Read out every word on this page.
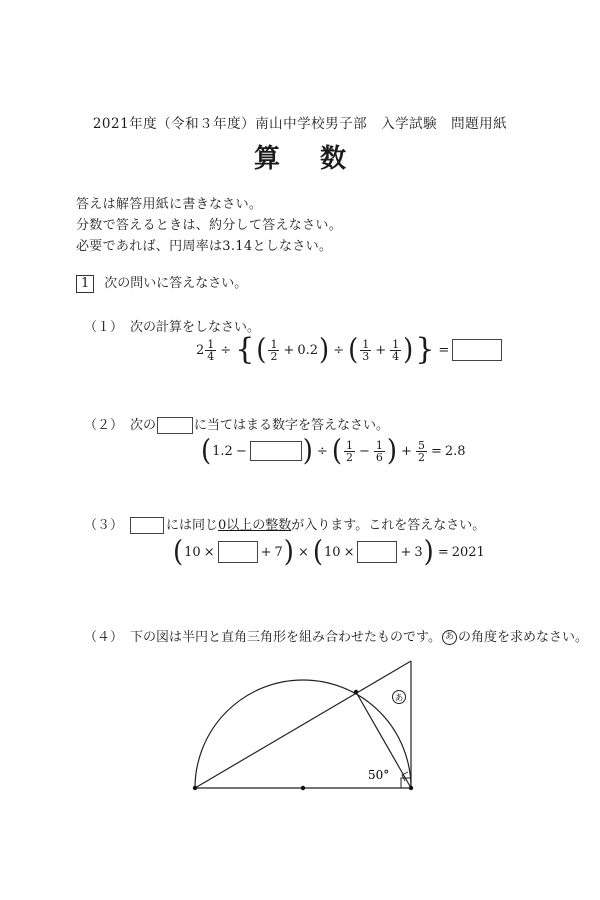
2021年度（令和３年度）南山中学校男子部　入学試験　問題用紙
算数
答えは解答用紙に書きなさい。
分数で答えるときは、約分して答えなさい。
必要であれば、円周率は3.14としなさい。
1 次の問いに答えなさい。
（１） 次の計算をしなさい。
$2 \frac{1}{4}$ ÷ { ( $\frac{1}{2} + 0.2$ ) ÷ ( $\frac{1}{3} + \frac{1}{4}$ ) } =
（２） 次の	に当てはまる数字を答えなさい。
( 1.2 − ) ÷ ( $\frac{1}{2} - \frac{1}{6}$ ) + $\frac{5}{2} = 2.8$
（３）	には同じ0以上の整数が入ります。これを答えなさい。
( 10 ×	+ 7 ) × ( 10 ×	+ 3 ) = 2021
（４） 下の図は半円と直角三角形を組み合わせたものです。 あ の角度を求めなさい。
あ
50°
